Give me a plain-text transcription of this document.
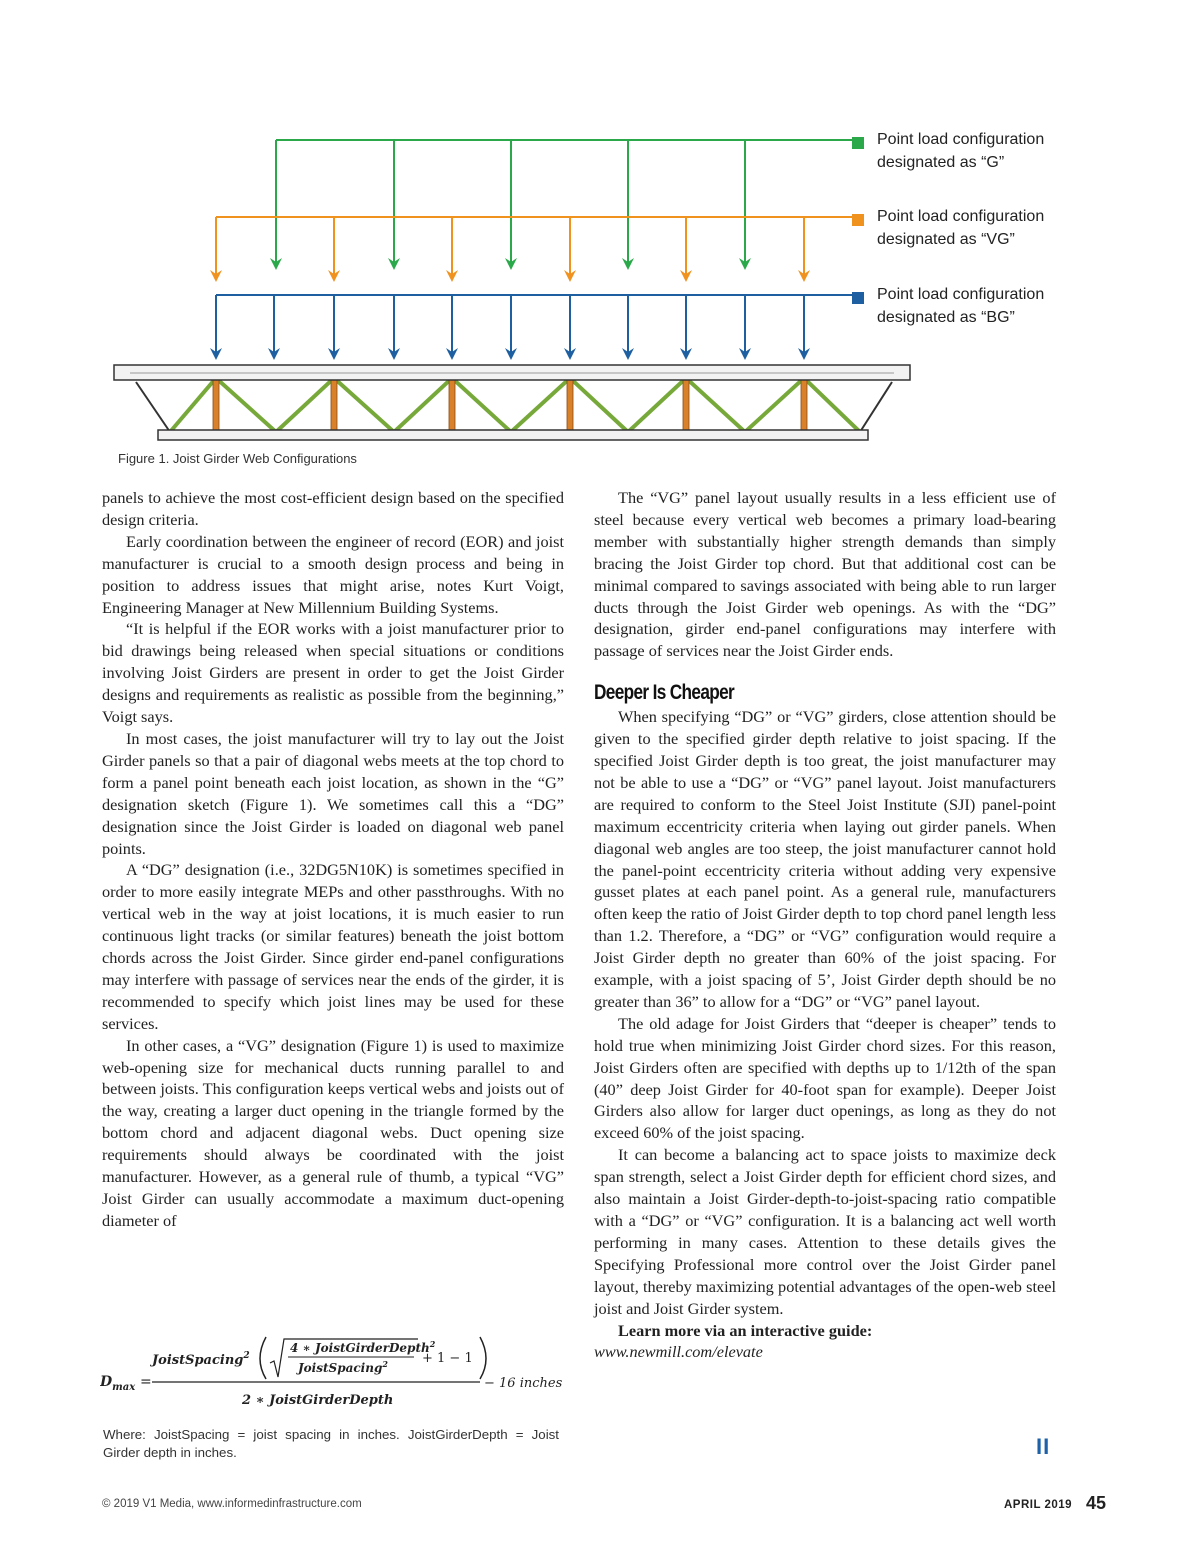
Point load configuration
designated as “G”
Point load configuration
designated as “VG”
Point load configuration
designated as “BG”
Figure 1. Joist Girder Web Configurations

panels to achieve the most cost-efficient design based on the specified design criteria.

Early coordination between the engineer of record (EOR) and joist manufacturer is crucial to a smooth design process and being in position to address issues that might arise, notes Kurt Voigt, Engineering Manager at New Millennium Building Systems.

“It is helpful if the EOR works with a joist manufacturer prior to bid drawings being released when special situations or conditions involving Joist Girders are present in order to get the Joist Girder designs and requirements as realistic as possible from the beginning,” Voigt says.

In most cases, the joist manufacturer will try to lay out the Joist Girder panels so that a pair of diagonal webs meets at the top chord to form a panel point beneath each joist location, as shown in the “G” designation sketch (Figure 1). We sometimes call this a “DG” designation since the Joist Girder is loaded on diagonal web panel points.

A “DG” designation (i.e., 32DG5N10K) is sometimes specified in order to more easily integrate MEPs and other passthroughs. With no vertical web in the way at joist locations, it is much easier to run continuous light tracks (or similar features) beneath the joist bottom chords across the Joist Girder. Since girder end-panel configurations may interfere with passage of services near the ends of the girder, it is recommended to specify which joist lines may be used for these services.

In other cases, a “VG” designation (Figure 1) is used to maximize web-opening size for mechanical ducts running parallel to and between joists. This configuration keeps vertical webs and joists out of the way, creating a larger duct opening in the triangle formed by the bottom chord and adjacent diagonal webs. Duct opening size requirements should always be coordinated with the joist manufacturer. However, as a general rule of thumb, a typical “VG” Joist Girder can usually accommodate a maximum duct-opening diameter of

$D_{max}$ =
JoistSpacing$^2$
4 ∗ JoistGirderDepth$^2$
JoistSpacing$^2$	+ 1 − 1
2 ∗ JoistGirderDepth
− 16 inches
Where: JoistSpacing = joist spacing in inches. JoistGirderDepth = Joist Girder depth in inches.

The “VG” panel layout usually results in a less efficient use of steel because every vertical web becomes a primary load-bearing member with substantially higher strength demands than simply bracing the Joist Girder top chord. But that additional cost can be minimal compared to savings associated with being able to run larger ducts through the Joist Girder web openings. As with the “DG” designation, girder end-panel configurations may interfere with passage of services near the Joist Girder ends.

Deeper Is Cheaper

When specifying “DG” or “VG” girders, close attention should be given to the specified girder depth relative to joist spacing. If the specified Joist Girder depth is too great, the joist manufacturer may not be able to use a “DG” or “VG” panel layout. Joist manufacturers are required to conform to the Steel Joist Institute (SJI) panel-point maximum eccentricity criteria when laying out girder panels. When diagonal web angles are too steep, the joist manufacturer cannot hold the panel-point eccentricity criteria without adding very expensive gusset plates at each panel point. As a general rule, manufacturers often keep the ratio of Joist Girder depth to top chord panel length less than 1.2. Therefore, a “DG” or “VG” configuration would require a Joist Girder depth no greater than 60% of the joist spacing. For example, with a joist spacing of 5’, Joist Girder depth should be no greater than 36” to allow for a “DG” or “VG” panel layout.

The old adage for Joist Girders that “deeper is cheaper” tends to hold true when minimizing Joist Girder chord sizes. For this reason, Joist Girders often are specified with depths up to 1/12th of the span (40” deep Joist Girder for 40-foot span for example). Deeper Joist Girders also allow for larger duct openings, as long as they do not exceed 60% of the joist spacing.

It can become a balancing act to space joists to maximize deck span strength, select a Joist Girder depth for efficient chord sizes, and also maintain a Joist Girder-depth-to-joist-spacing ratio compatible with a “DG” or “VG” configuration. It is a balancing act well worth performing in many cases. Attention to these details gives the Specifying Professional more control over the Joist Girder panel layout, thereby maximizing potential advantages of the open-web steel joist and Joist Girder system.

Learn more via an interactive guide:

www.newmill.com/elevate

II
© 2019 V1 Media, www.informedinfrastructure.com	APRIL 2019 45
